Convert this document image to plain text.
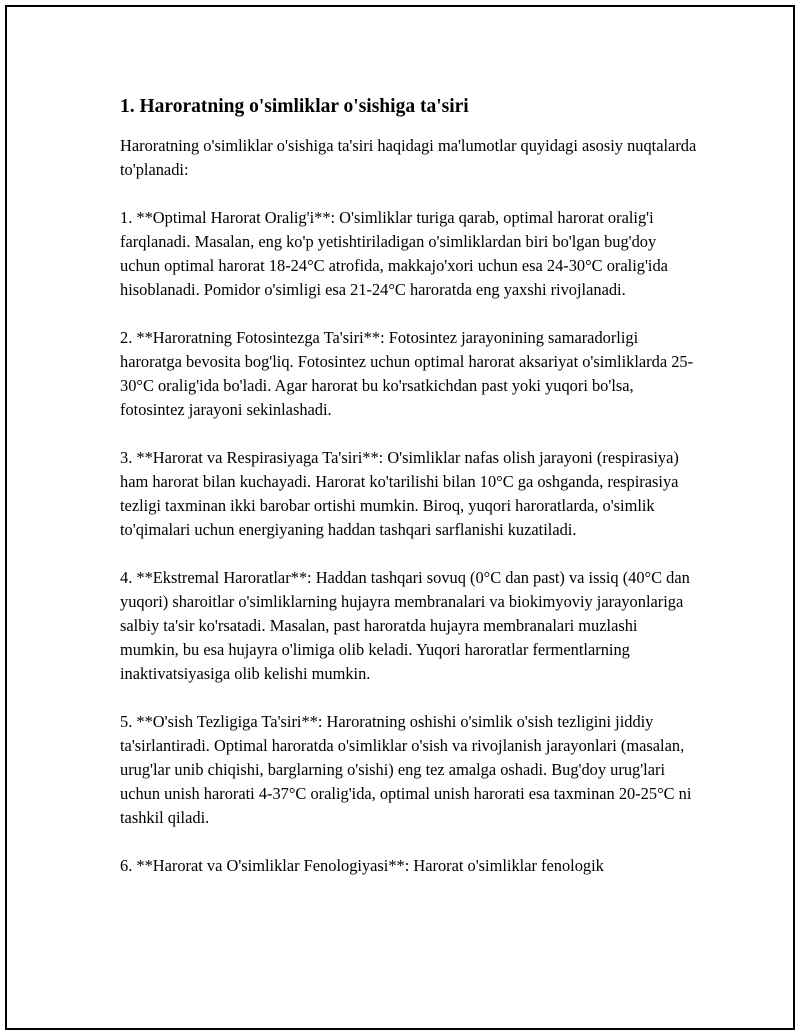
1. Haroratning o'simliklar o'sishiga ta'siri

Haroratning o'simliklar o'sishiga ta'siri haqidagi ma'lumotlar quyidagi asosiy nuqtalarda to'planadi:

1. **Optimal Harorat Oralig'i**: O'simliklar turiga qarab, optimal harorat oralig'i farqlanadi. Masalan, eng ko'p yetishtiriladigan o'simliklardan biri bo'lgan bug'doy uchun optimal harorat 18-24°C atrofida, makkajo'xori uchun esa 24-30°C oralig'ida hisoblanadi. Pomidor o'simligi esa 21-24°C haroratda eng yaxshi rivojlanadi.

2. **Haroratning Fotosintezga Ta'siri**: Fotosintez jarayonining samaradorligi haroratga bevosita bog'liq. Fotosintez uchun optimal harorat aksariyat o'simliklarda 25-30°C oralig'ida bo'ladi. Agar harorat bu ko'rsatkichdan past yoki yuqori bo'lsa, fotosintez jarayoni sekinlashadi.

3. **Harorat va Respirasiyaga Ta'siri**: O'simliklar nafas olish jarayoni (respirasiya) ham harorat bilan kuchayadi. Harorat ko'tarilishi bilan 10°C ga oshganda, respirasiya tezligi taxminan ikki barobar ortishi mumkin. Biroq, yuqori haroratlarda, o'simlik to'qimalari uchun energiyaning haddan tashqari sarflanishi kuzatiladi.

4. **Ekstremal Haroratlar**: Haddan tashqari sovuq (0°C dan past) va issiq (40°C dan yuqori) sharoitlar o'simliklarning hujayra membranalari va biokimyoviy jarayonlariga salbiy ta'sir ko'rsatadi. Masalan, past haroratda hujayra membranalari muzlashi mumkin, bu esa hujayra o'limiga olib keladi. Yuqori haroratlar fermentlarning inaktivatsiyasiga olib kelishi mumkin.

5. **O'sish Tezligiga Ta'siri**: Haroratning oshishi o'simlik o'sish tezligini jiddiy ta'sirlantiradi. Optimal haroratda o'simliklar o'sish va rivojlanish jarayonlari (masalan, urug'lar unib chiqishi, barglarning o'sishi) eng tez amalga oshadi. Bug'doy urug'lari uchun unish harorati 4-37°C oralig'ida, optimal unish harorati esa taxminan 20-25°C ni tashkil qiladi.

6. **Harorat va O'simliklar Fenologiyasi**: Harorat o'simliklar fenologik
